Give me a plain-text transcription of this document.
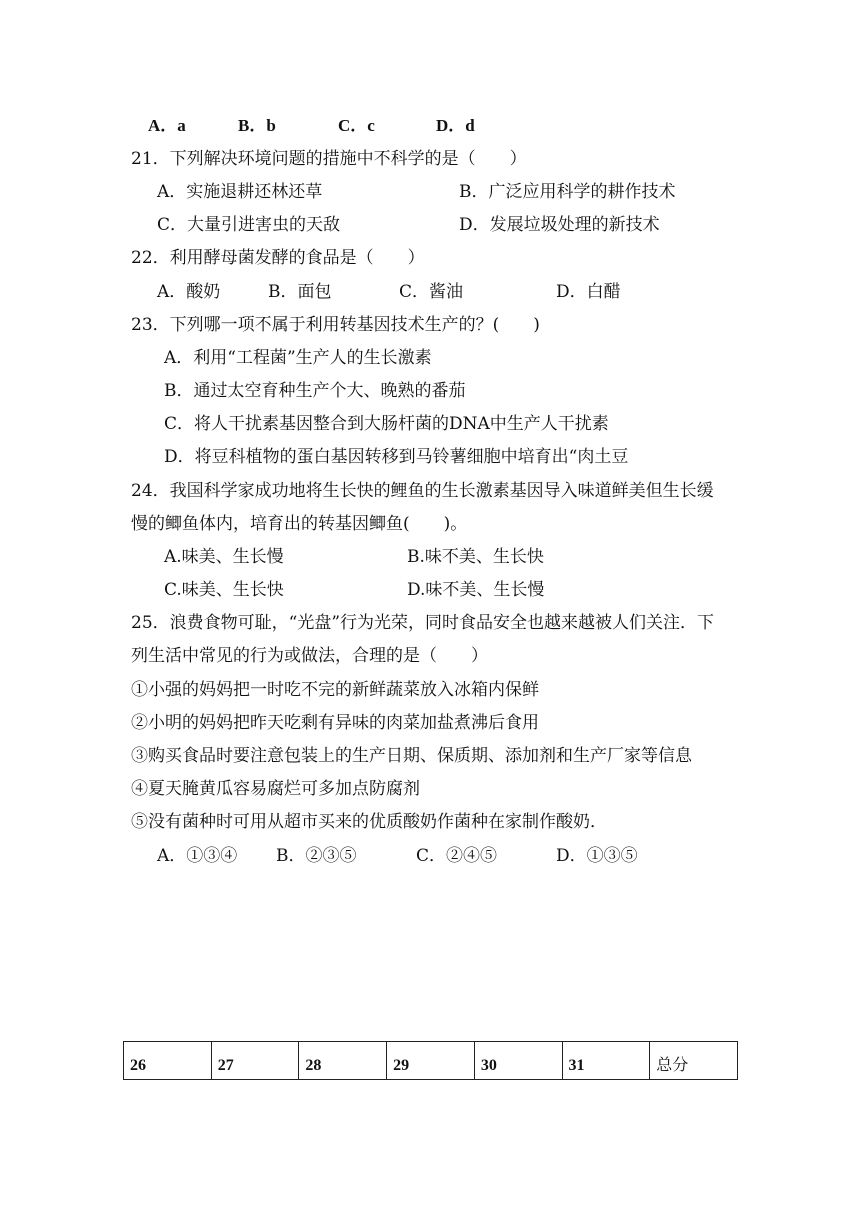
A．a	B．b	C．c	D．d
21．下列解决环境问题的措施中不科学的是（　　）
A．实施退耕还林还草	B．广泛应用科学的耕作技术
C．大量引进害虫的天敌	D．发展垃圾处理的新技术
22．利用酵母菌发酵的食品是（　　）
A．酸奶	B．面包	C．酱油	D．白醋
23．下列哪一项不属于利用转基因技术生产的？(　　)
A．利用“工程菌”生产人的生长激素
B．通过太空育种生产个大、晚熟的番茄
C．将人干扰素基因整合到大肠杆菌的DNA中生产人干扰素
D．将豆科植物的蛋白基因转移到马铃薯细胞中培育出“肉土豆
24．我国科学家成功地将生长快的鲤鱼的生长激素基因导入味道鲜美但生长缓
慢的鲫鱼体内，培育出的转基因鲫鱼(　　)。
A.味美、生长慢	B.味不美、生长快
C.味美、生长快	D.味不美、生长慢
25．浪费食物可耻，“光盘”行为光荣，同时食品安全也越来越被人们关注．下
列生活中常见的行为或做法，合理的是（　　）
①小强的妈妈把一时吃不完的新鲜蔬菜放入冰箱内保鲜
②小明的妈妈把昨天吃剩有异味的肉菜加盐煮沸后食用
③购买食品时要注意包装上的生产日期、保质期、添加剂和生产厂家等信息
④夏天腌黄瓜容易腐烂可多加点防腐剂
⑤没有菌种时可用从超市买来的优质酸奶作菌种在家制作酸奶．
A．①③④ B．②③⑤	C．②④⑤	D．①③⑤
26	27	28	29	30	31	总分
